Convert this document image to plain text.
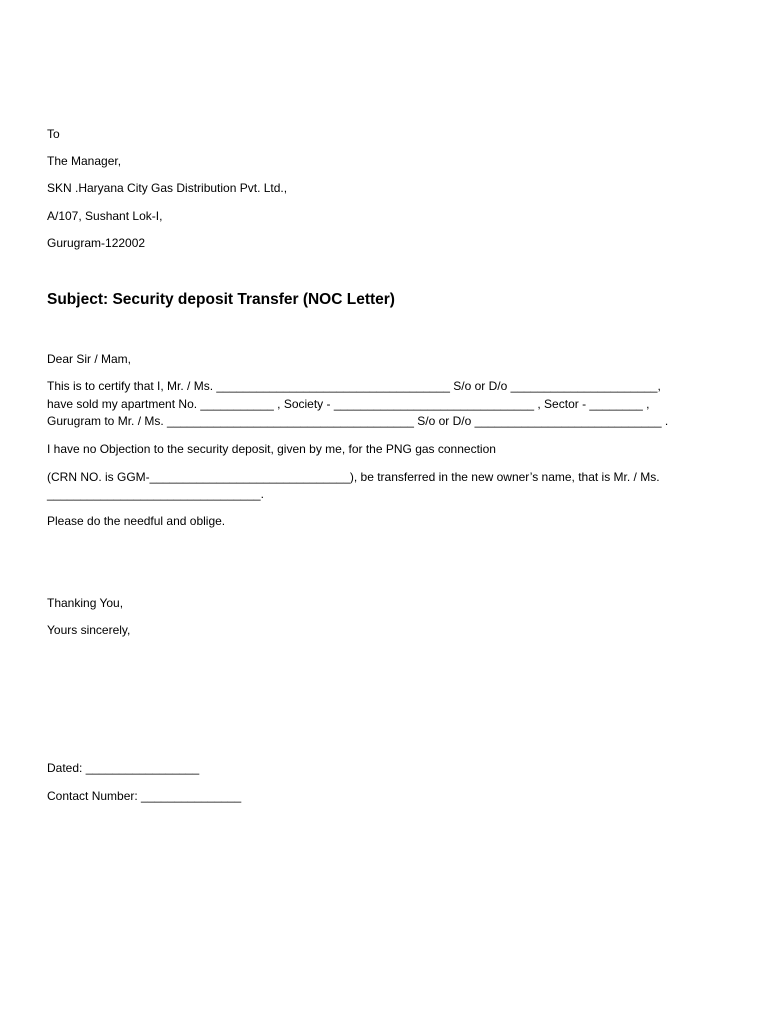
To
The Manager,
SKN .Haryana City Gas Distribution Pvt. Ltd.,
A/107, Sushant Lok-I,
Gurugram-122002
Subject: Security deposit Transfer (NOC Letter)
Dear Sir / Mam,
This is to certify that I, Mr. / Ms. ___________________________________ S/o or D/o ______________________,
have sold my apartment No. ___________ , Society - ______________________________ , Sector - ________ ,
Gurugram to Mr. / Ms. _____________________________________ S/o or D/o ____________________________ .
I have no Objection to the security deposit, given by me, for the PNG gas connection
(CRN NO. is GGM-______________________________), be transferred in the new owner’s name, that is Mr. / Ms.
________________________________.
Please do the needful and oblige.
Thanking You,
Yours sincerely,
Dated: _________________
Contact Number: _______________
